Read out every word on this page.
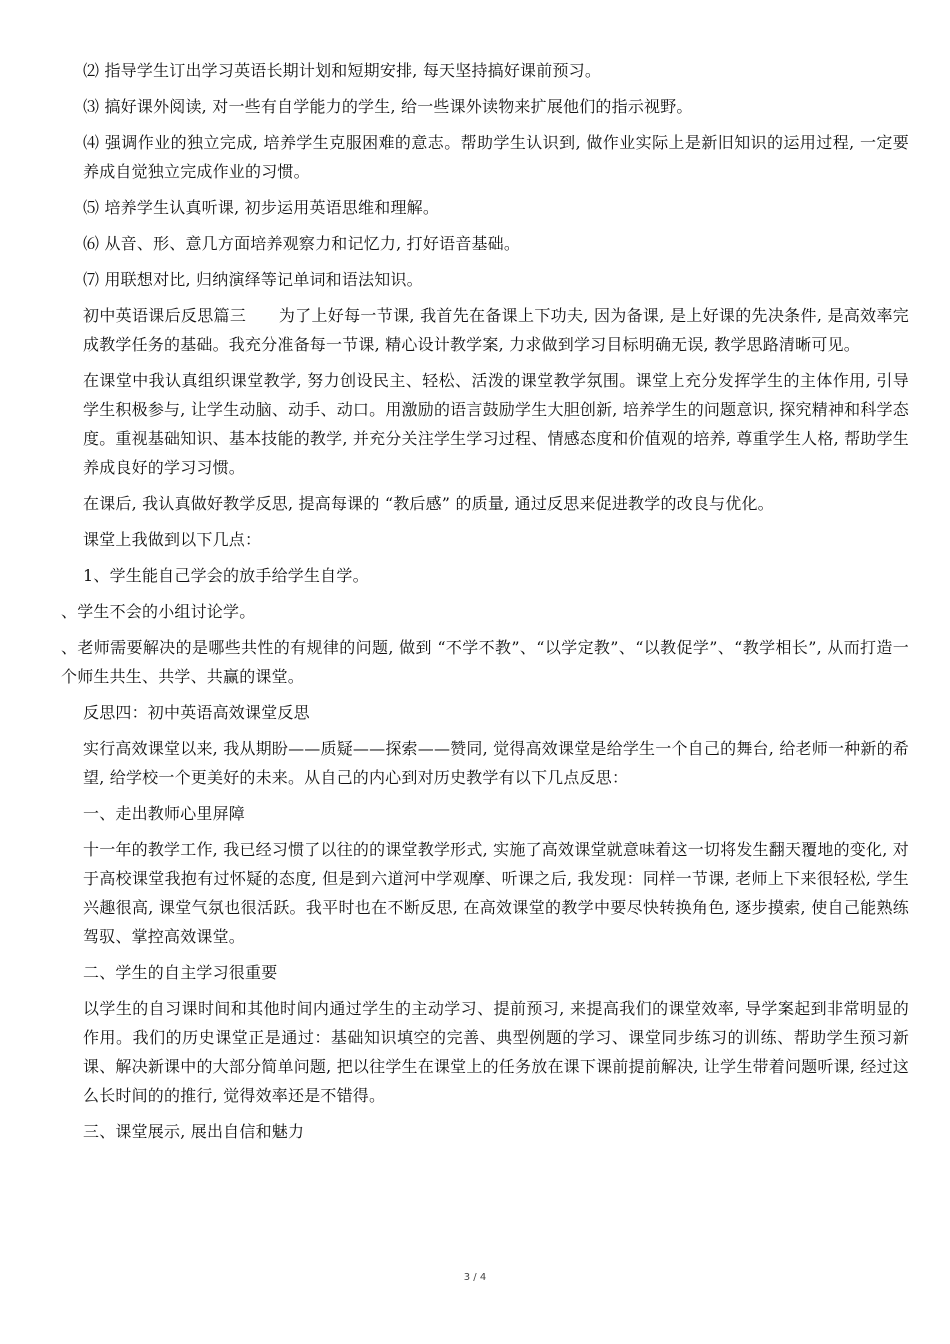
⑵ 指导学生订出学习英语长期计划和短期安排, 每天坚持搞好课前预习。

⑶ 搞好课外阅读, 对一些有自学能力的学生, 给一些课外读物来扩展他们的指示视野。

⑷ 强调作业的独立完成, 培养学生克服困难的意志。帮助学生认识到, 做作业实际上是新旧知识的运用过程, 一定要养成自觉独立完成作业的习惯。

⑸ 培养学生认真听课, 初步运用英语思维和理解。

⑹ 从音、形、意几方面培养观察力和记忆力, 打好语音基础。

⑺ 用联想对比, 归纳演绎等记单词和语法知识。

初中英语课后反思篇三　　为了上好每一节课, 我首先在备课上下功夫, 因为备课, 是上好课的先决条件, 是高效率完成教学任务的基础。我充分准备每一节课, 精心设计教学案, 力求做到学习目标明确无误, 教学思路清晰可见。

在课堂中我认真组织课堂教学, 努力创设民主、轻松、活泼的课堂教学氛围。课堂上充分发挥学生的主体作用, 引导学生积极参与, 让学生动脑、动手、动口。用激励的语言鼓励学生大胆创新, 培养学生的问题意识, 探究精神和科学态度。重视基础知识、基本技能的教学, 并充分关注学生学习过程、情感态度和价值观的培养, 尊重学生人格, 帮助学生养成良好的学习习惯。

在课后, 我认真做好教学反思, 提高每课的 “教后感” 的质量, 通过反思来促进教学的改良与优化。

课堂上我做到以下几点：

1、学生能自己学会的放手给学生自学。

、学生不会的小组讨论学。

、老师需要解决的是哪些共性的有规律的问题, 做到 “不学不教”、“以学定教”、“以教促学”、“教学相长”, 从而打造一个师生共生、共学、共赢的课堂。

反思四：初中英语高效课堂反思

实行高效课堂以来, 我从期盼——质疑——探索——赞同, 觉得高效课堂是给学生一个自己的舞台, 给老师一种新的希望, 给学校一个更美好的未来。从自己的内心到对历史教学有以下几点反思：

一、走出教师心里屏障

十一年的教学工作, 我已经习惯了以往的的课堂教学形式, 实施了高效课堂就意味着这一切将发生翻天覆地的变化, 对于高校课堂我抱有过怀疑的态度, 但是到六道河中学观摩、听课之后, 我发现：同样一节课, 老师上下来很轻松, 学生兴趣很高, 课堂气氛也很活跃。我平时也在不断反思, 在高效课堂的教学中要尽快转换角色, 逐步摸索, 使自己能熟练驾驭、掌控高效课堂。

二、学生的自主学习很重要

以学生的自习课时间和其他时间内通过学生的主动学习、提前预习, 来提高我们的课堂效率, 导学案起到非常明显的作用。我们的历史课堂正是通过：基础知识填空的完善、典型例题的学习、课堂同步练习的训练、帮助学生预习新课、解决新课中的大部分简单问题, 把以往学生在课堂上的任务放在课下课前提前解决, 让学生带着问题听课, 经过这么长时间的的推行, 觉得效率还是不错得。

三、课堂展示, 展出自信和魅力

3 / 4
